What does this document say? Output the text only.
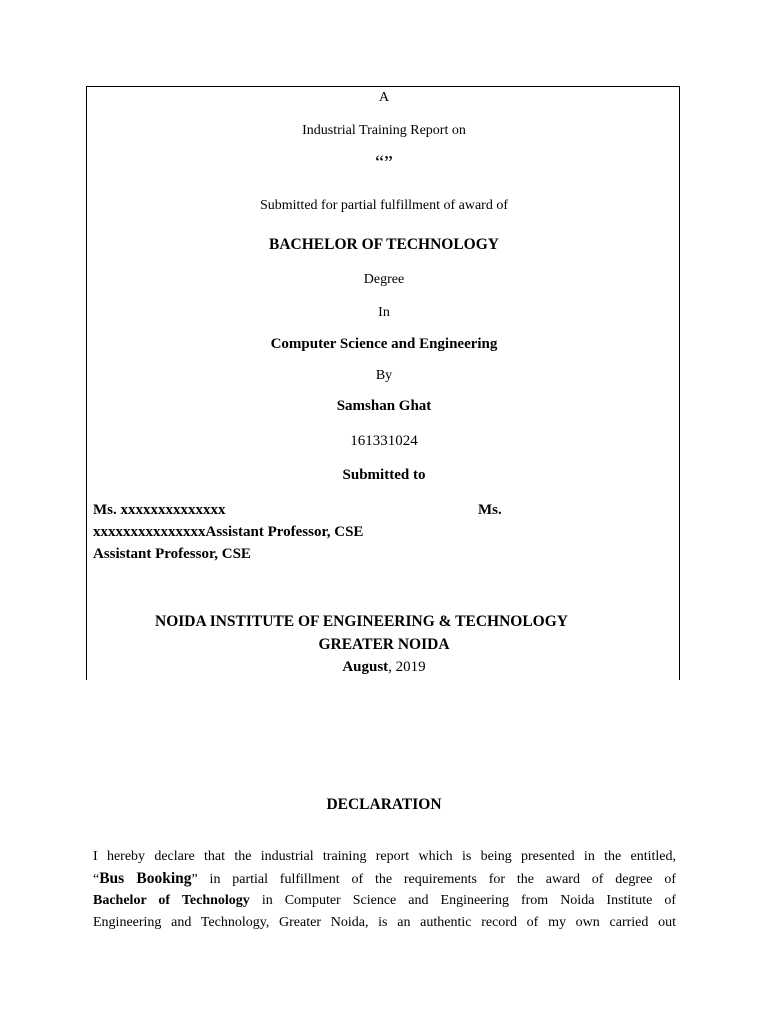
A
Industrial Training Report on
“”
Submitted for partial fulfillment of award of
BACHELOR OF TECHNOLOGY
Degree
In
Computer Science and Engineering
By
Samshan Ghat
161331024
Submitted to
Ms. xxxxxxxxxxxxxx	Ms.
xxxxxxxxxxxxxxxAssistant Professor, CSE
Assistant Professor, CSE
NOIDA INSTITUTE OF ENGINEERING & TECHNOLOGY
GREATER NOIDA
August, 2019
DECLARATION
I hereby declare that the industrial training report which is being presented in the entitled,
“Bus Booking” in partial fulfillment of the requirements for the award of degree of
Bachelor of Technology in Computer Science and Engineering from Noida Institute of
Engineering and Technology, Greater Noida, is an authentic record of my own carried out
